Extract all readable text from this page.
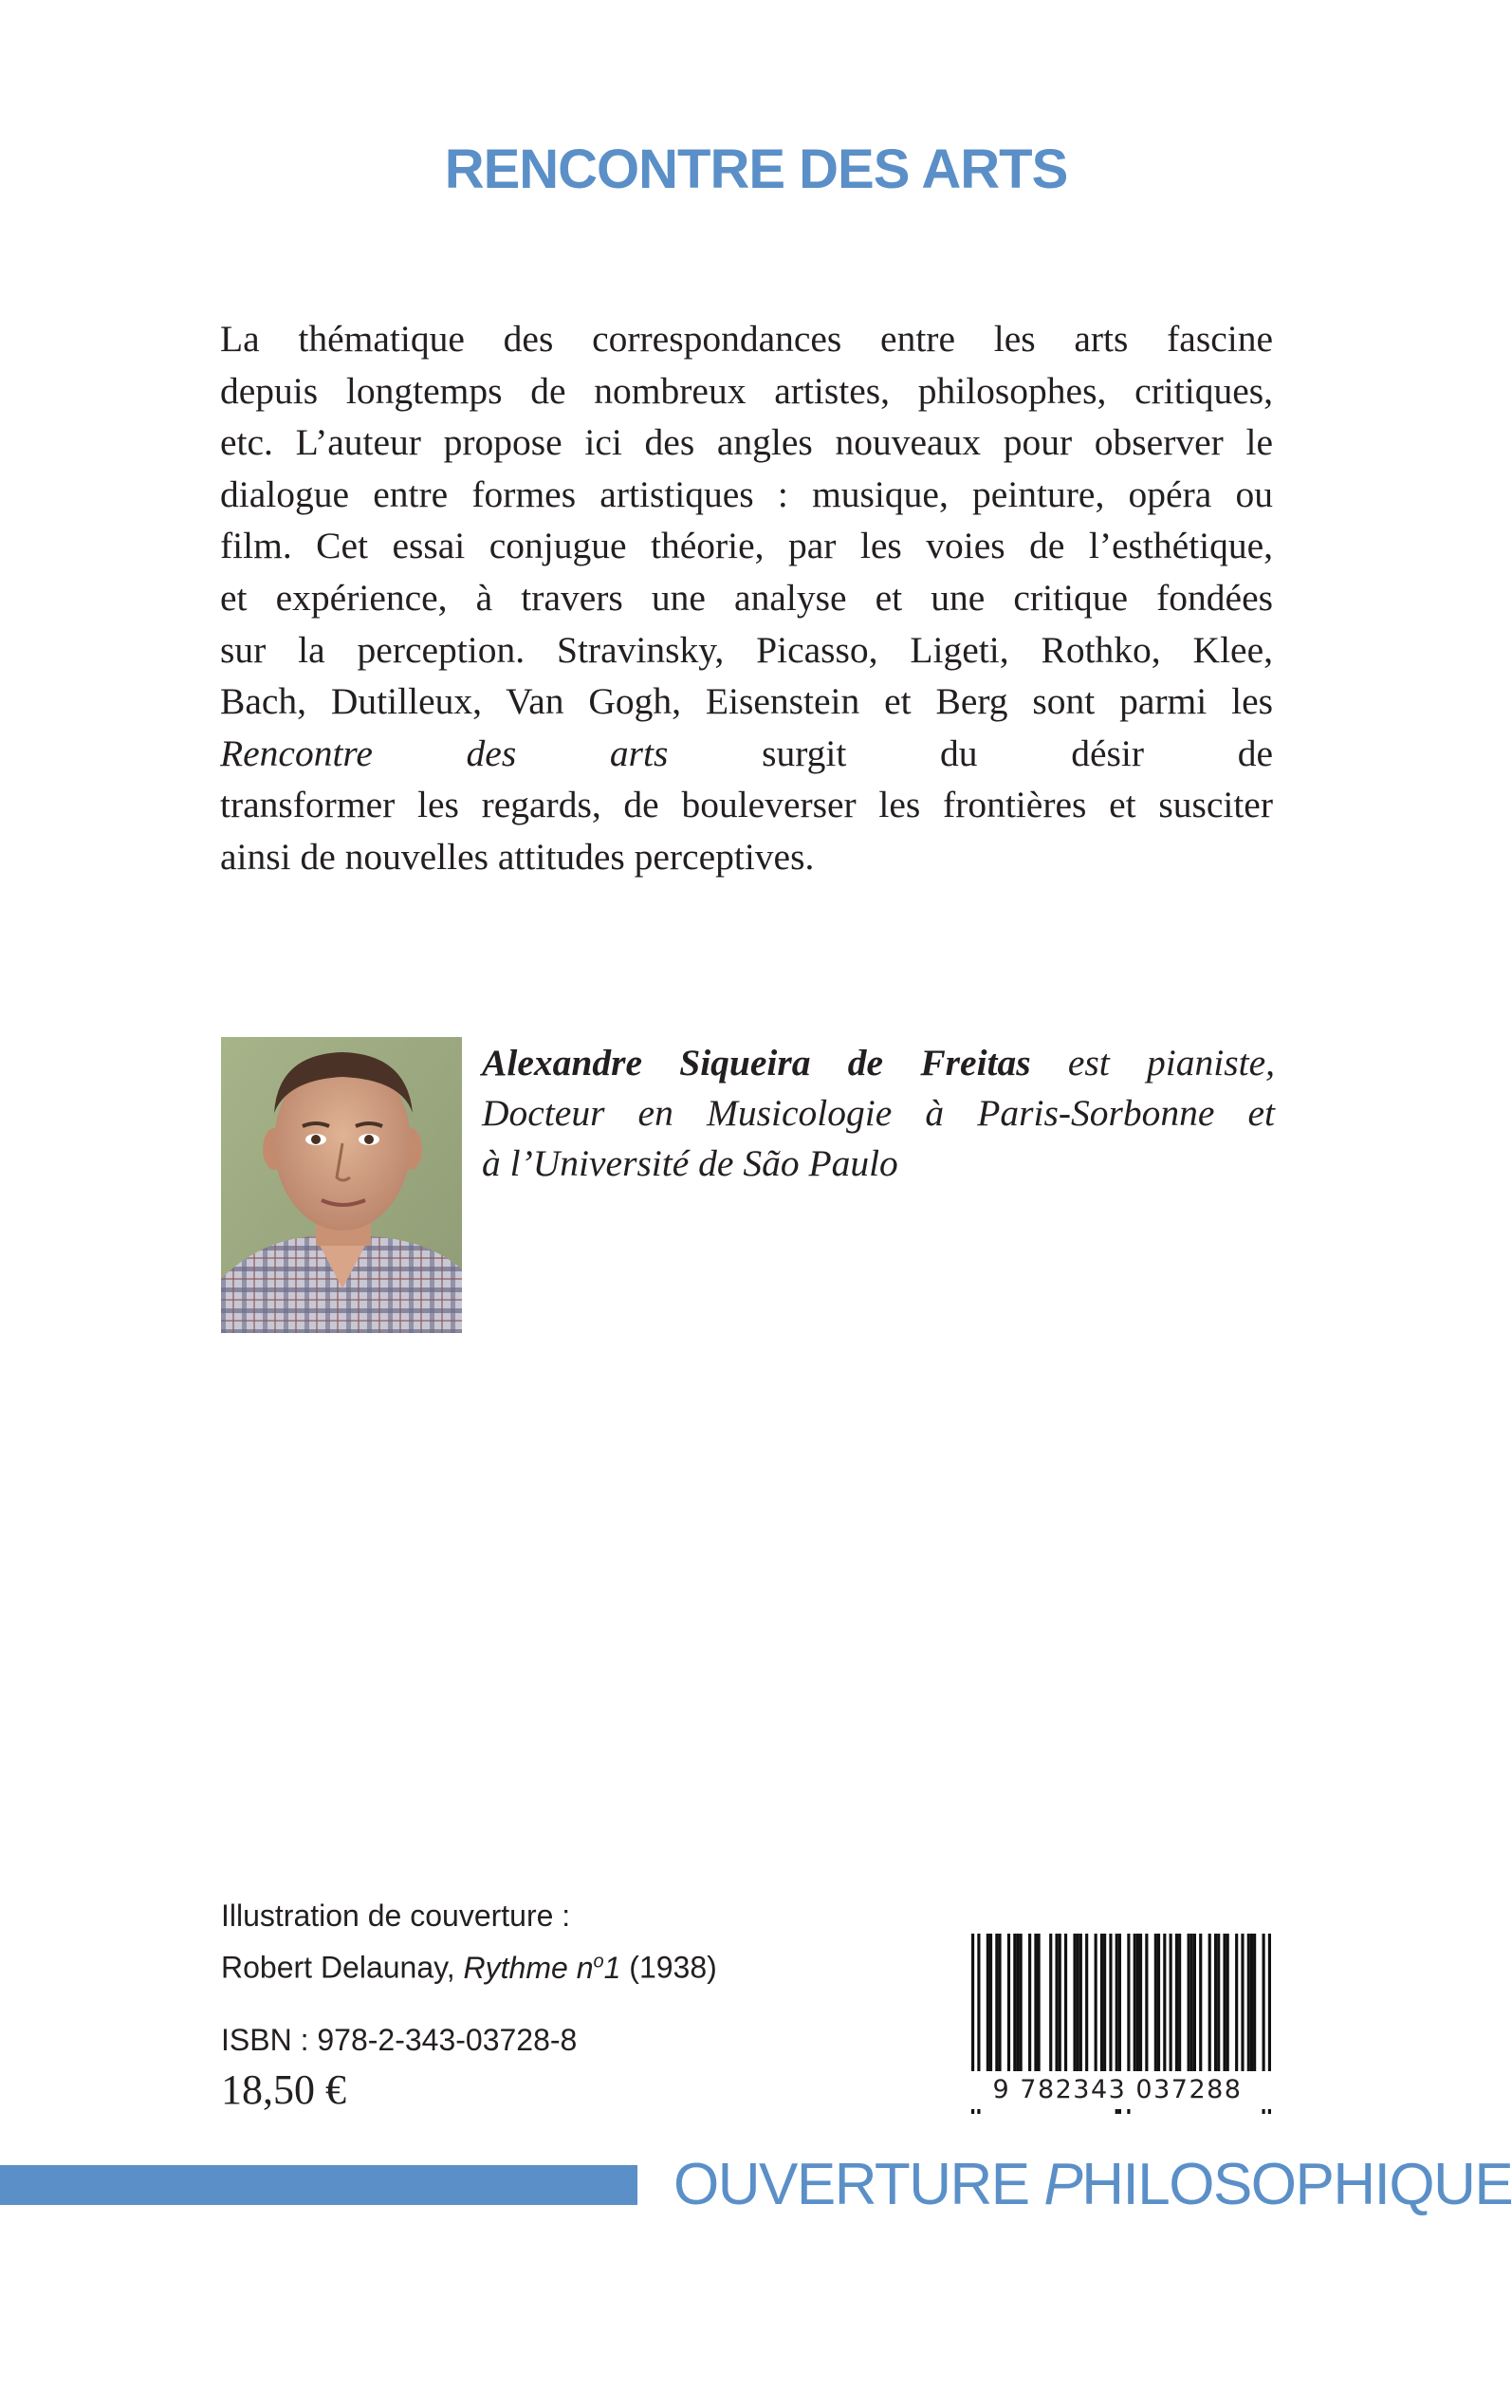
RENCONTRE DES ARTS
La thématique des correspondances entre les arts fascine
depuis longtemps de nombreux artistes, philosophes, critiques,
etc. L’auteur propose ici des angles nouveaux pour observer le
dialogue entre formes artistiques : musique, peinture, opéra ou
film. Cet essai conjugue théorie, par les voies de l’esthétique,
et expérience, à travers une analyse et une critique fondées
sur la perception. Stravinsky, Picasso, Ligeti, Rothko, Klee,
Bach, Dutilleux, Van Gogh, Eisenstein et Berg sont parmi les
Rencontre des arts surgit du désir de
transformer les regards, de bouleverser les frontières et susciter
ainsi de nouvelles attitudes perceptives.
Alexandre Siqueira de Freitas est pianiste,
Docteur en Musicologie à Paris-Sorbonne et
à l’Université de São Paulo
Illustration de couverture :
Robert Delaunay, Rythme $n^o1$ (1938)
ISBN : 978-2-343-03728-8
18,50 €	9 782343 037288
OUVERTURE PHILOSOPHIQUE
